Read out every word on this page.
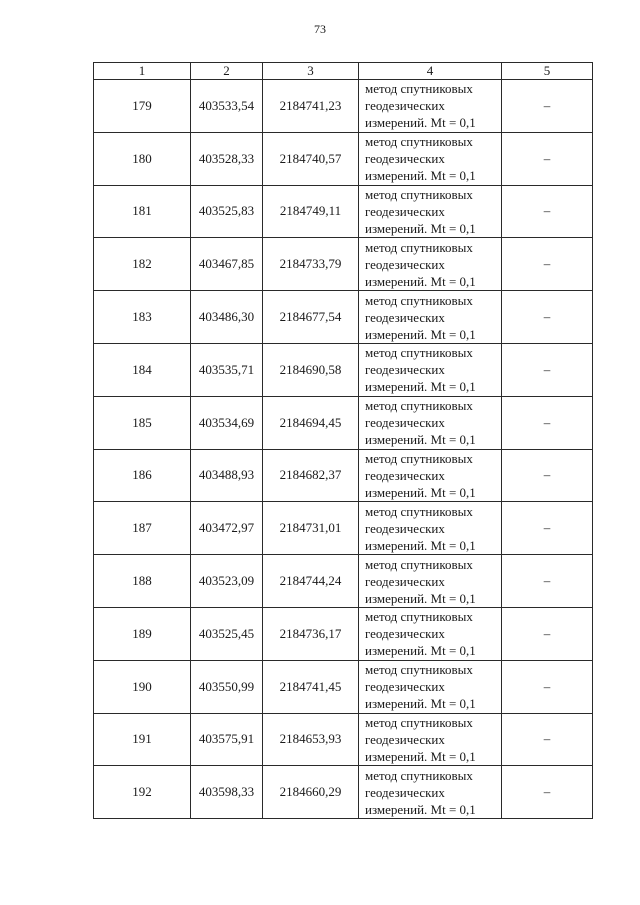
73
1	2	3	4	5
179	403533,54	2184741,23	метод спутниковых
геодезических
измерений. Mt = 0,1	–
180	403528,33	2184740,57	метод спутниковых
геодезических
измерений. Mt = 0,1	–
181	403525,83	2184749,11	метод спутниковых
геодезических
измерений. Mt = 0,1	–
182	403467,85	2184733,79	метод спутниковых
геодезических
измерений. Mt = 0,1	–
183	403486,30	2184677,54	метод спутниковых
геодезических
измерений. Mt = 0,1	–
184	403535,71	2184690,58	метод спутниковых
геодезических
измерений. Mt = 0,1	–
185	403534,69	2184694,45	метод спутниковых
геодезических
измерений. Mt = 0,1	–
186	403488,93	2184682,37	метод спутниковых
геодезических
измерений. Mt = 0,1	–
187	403472,97	2184731,01	метод спутниковых
геодезических
измерений. Mt = 0,1	–
188	403523,09	2184744,24	метод спутниковых
геодезических
измерений. Mt = 0,1	–
189	403525,45	2184736,17	метод спутниковых
геодезических
измерений. Mt = 0,1	–
190	403550,99	2184741,45	метод спутниковых
геодезических
измерений. Mt = 0,1	–
191	403575,91	2184653,93	метод спутниковых
геодезических
измерений. Mt = 0,1	–
192	403598,33	2184660,29	метод спутниковых
геодезических
измерений. Mt = 0,1	–
